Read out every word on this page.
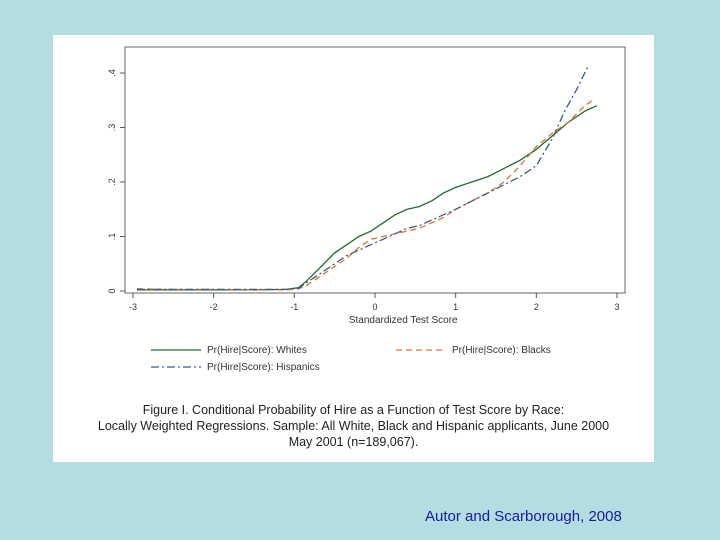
-3	-2	-1	0	1	2	3
0
.1
.2
.3
.4
Standardized Test Score
Pr(Hire|Score): Whites	Pr(Hire|Score): Blacks
Pr(Hire|Score): Hispanics
Figure I. Conditional Probability of Hire as a Function of Test Score by Race:
Locally Weighted Regressions. Sample: All White, Black and Hispanic applicants, June 2000
May 2001 (n=189,067).
Autor and Scarborough, 2008
